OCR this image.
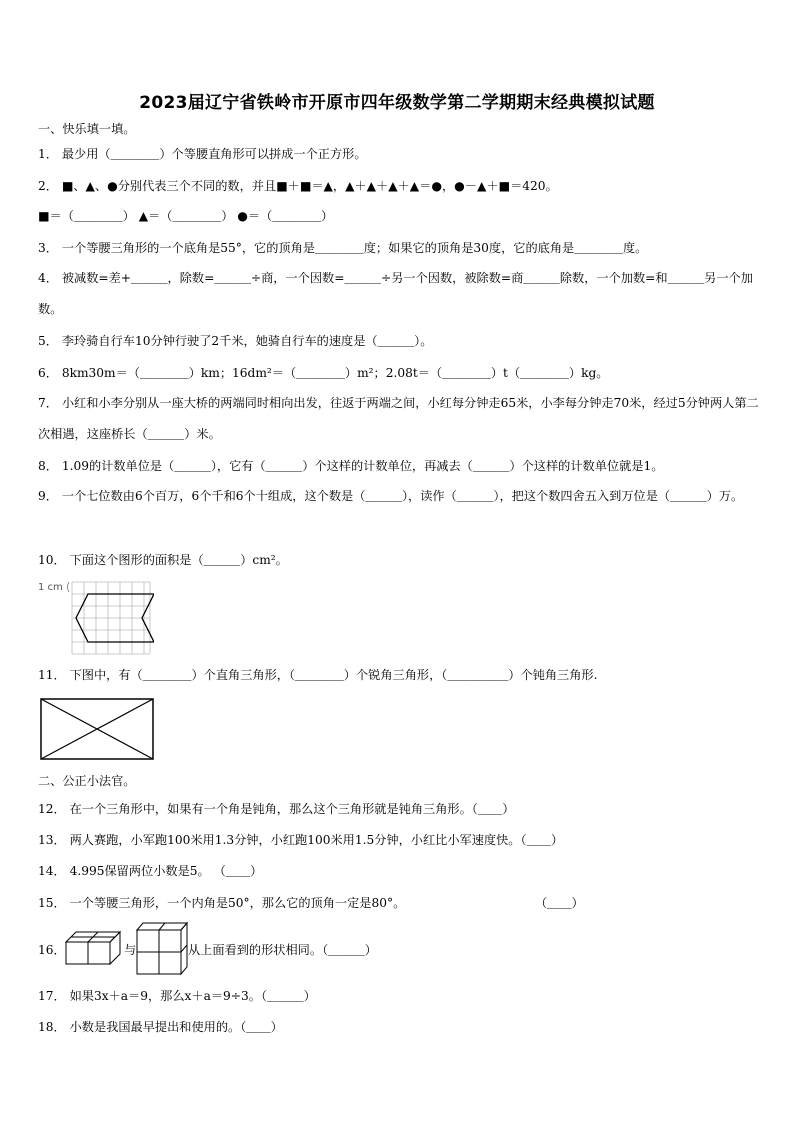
2023届辽宁省铁岭市开原市四年级数学第二学期期末经典模拟试题
一、快乐填一填。
1． 最少用（＿＿＿＿）个等腰直角形可以拼成一个正方形。
2． ■、▲、●分别代表三个不同的数，并且■＋■＝▲，▲＋▲＋▲＋▲＝●，●－▲＋■＝420。
■＝（＿＿＿＿） ▲＝（＿＿＿＿） ●＝（＿＿＿＿）
3． 一个等腰三角形的一个底角是55°，它的顶角是＿＿＿＿度；如果它的顶角是30度，它的底角是＿＿＿＿度。
4． 被减数=差+＿＿＿，除数=＿＿＿÷商，一个因数=＿＿＿÷另一个因数，被除数=商＿＿＿除数，一个加数=和＿＿＿另一个加数。
5． 李玲骑自行车10分钟行驶了2千米，她骑自行车的速度是（＿＿＿）。
6． 8km30m＝（＿＿＿＿）km；16dm²＝（＿＿＿＿）m²；2.08t＝（＿＿＿＿）t（＿＿＿＿）kg。
7． 小红和小李分别从一座大桥的两端同时相向出发，往返于两端之间，小红每分钟走65米，小李每分钟走70米，经过5分钟两人第二次相遇，这座桥长（＿＿＿）米。
8． 1.09的计数单位是（＿＿＿），它有（＿＿＿）个这样的计数单位，再减去（＿＿＿）个这样的计数单位就是1。
9． 一个七位数由6个百万，6个千和6个十组成，这个数是（＿＿＿），读作（＿＿＿），把这个数四舍五入到万位是（＿＿＿）万。
10． 下面这个图形的面积是（＿＿＿）cm²。
1 cm
11． 下图中，有（＿＿＿＿）个直角三角形，（＿＿＿＿）个锐角三角形，（＿＿＿＿＿）个钝角三角形.
二、公正小法官。
12． 在一个三角形中，如果有一个角是钝角，那么这个三角形就是钝角三角形。（＿＿）
13． 两人赛跑，小军跑100米用1.3分钟，小红跑100米用1.5分钟，小红比小军速度快。（＿＿）
14． 4.995保留两位小数是5。 （＿＿）
15． 一个等腰三角形，一个内角是50°，那么它的顶角一定是80°。	（＿＿）
16．	与	从上面看到的形状相同。（＿＿＿）
17． 如果3x＋a＝9，那么x＋a＝9÷3。（＿＿＿）
18． 小数是我国最早提出和使用的。（＿＿）
